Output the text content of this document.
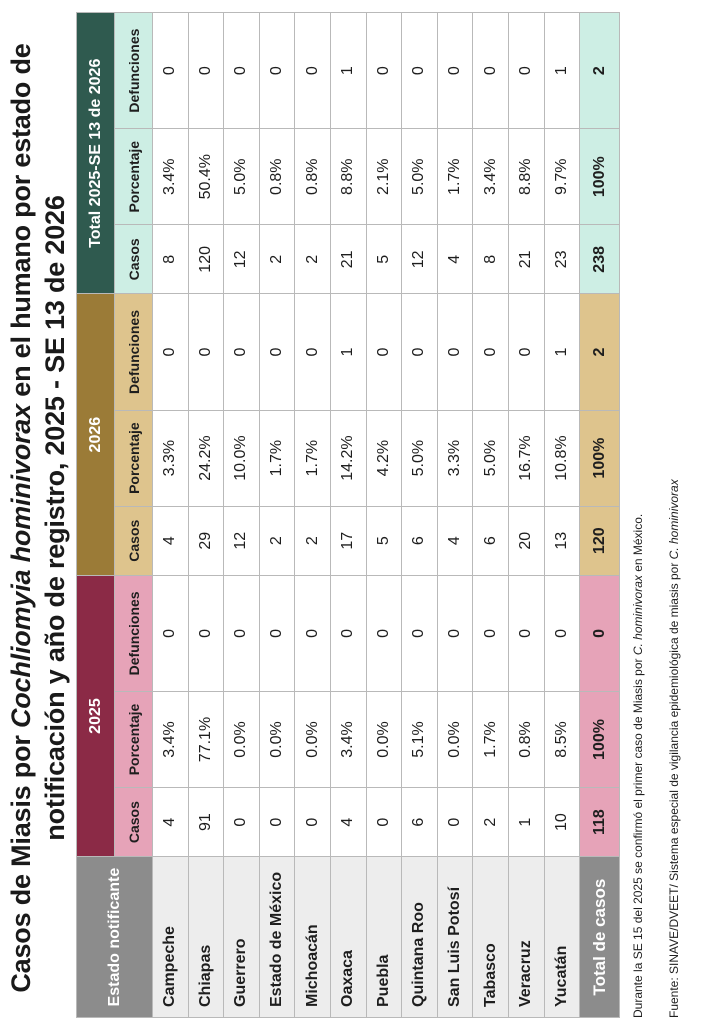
Casos de Miasis por Cochliomyia hominivorax en el humano por estado de notificación y año de registro, 2025 - SE 13 de 2026
Estado notificante	2025			2026			Total 2025-SE 13 de 2026		
	Casos	Porcentaje	Defunciones	Casos	Porcentaje	Defunciones	Casos	Porcentaje	Defunciones
Campeche	4	3.4%	0	4	3.3%	0	8	3.4%	0
Chiapas	91	77.1%	0	29	24.2%	0	120	50.4%	0
Guerrero	0	0.0%	0	12	10.0%	0	12	5.0%	0
Estado de México	0	0.0%	0	2	1.7%	0	2	0.8%	0
Michoacán	0	0.0%	0	2	1.7%	0	2	0.8%	0
Oaxaca	4	3.4%	0	17	14.2%	1	21	8.8%	1
Puebla	0	0.0%	0	5	4.2%	0	5	2.1%	0
Quintana Roo	6	5.1%	0	6	5.0%	0	12	5.0%	0
San Luis Potosí	0	0.0%	0	4	3.3%	0	4	1.7%	0
Tabasco	2	1.7%	0	6	5.0%	0	8	3.4%	0
Veracruz	1	0.8%	0	20	16.7%	0	21	8.8%	0
Yucatán	10	8.5%	0	13	10.8%	1	23	9.7%	1
Total de casos	118	100%	0	120	100%	2	238	100%	2
Durante la SE 15 del 2025 se confirmó el primer caso de Miasis por C. hominivorax en México.
Fuente: SINAVE/DVEET/ Sistema especial de vigilancia epidemiológica de miasis por C. hominivorax
